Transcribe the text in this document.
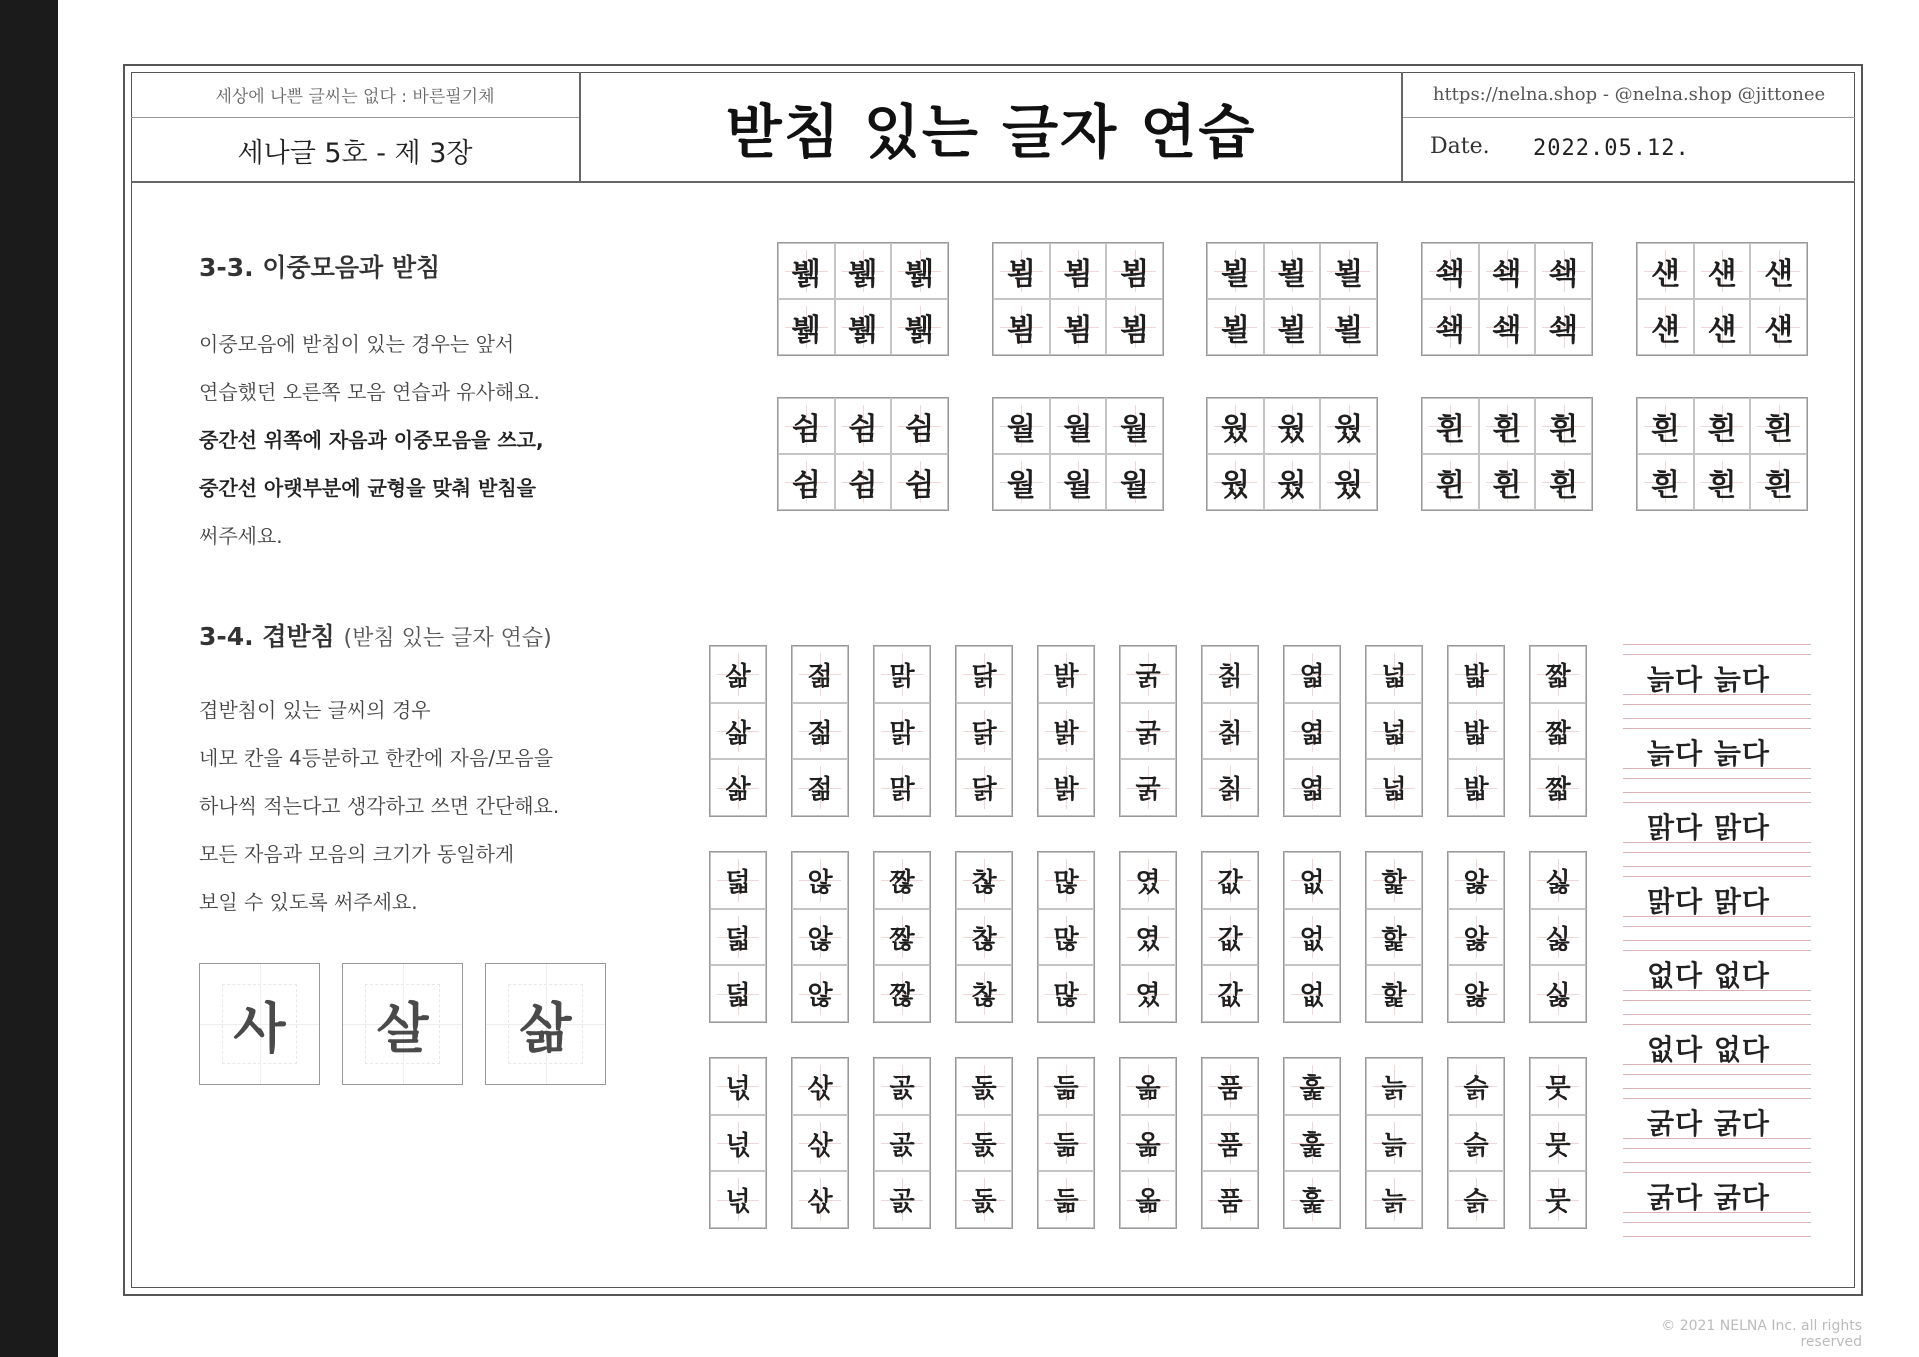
세상에 나쁜 글씨는 없다 : 바른필기체
세나글 5호 - 제 3장	받침 있는 글자 연습
https://nelna.shop - @nelna.shop @jittonee
Date. 2022.05.12.
3-3. 이중모음과 받침
이중모음에 받침이 있는 경우는 앞서
연습했던 오른쪽 모음 연습과 유사해요.
중간선 위쪽에 자음과 이중모음을 쓰고,
중간선 아랫부분에 균형을 맞춰 받침을
써주세요.
3-4. 겹받침 (받침 있는 글자 연습)
겹받침이 있는 글씨의 경우
네모 칸을 4등분하고 한칸에 자음/모음을
하나씩 적는다고 생각하고 쓰면 간단해요.
모든 자음과 모음의 크기가 동일하게
보일 수 있도록 써주세요.
사 살 삶
뷁 뷁 뷁
뷁 뷁 뷁
뵘 뵘 뵘
뵘 뵘 뵘
뵐 뵐 뵐
뵐 뵐 뵐
쇅 쇅 쇅
쇅 쇅 쇅
섄 섄 섄
섄 섄 섄
쉼 쉼 쉼
쉼 쉼 쉼
월 월 월
월 월 월
웠 웠 웠
웠 웠 웠
휜 휜 휜
휜 휜 휜
흰 흰 흰
흰 흰 흰
삶
삶
삶
젊
젊
젊
맑
맑
맑
닭
닭
닭
밝
밝
밝
굵
굵
굵
칡
칡
칡
엷
엷
엷
넓
넓
넓
밟
밟
밟
짧
짧
짧
덟
덟
덟
않
않
않
짢
짢
짢
찮
찮
찮
많
많
많
였
였
였
값
값
값
없
없
없
핥
핥
핥
앓
앓
앓
싫
싫
싫
넋
넋
넋
삯
삯
삯
곬
곬
곬
돐
돐
돐
듦
듦
듦
옮
옮
옮
품
품
품
훑
훑
훑
늙
늙
늙
슭
슭
슭
뭇
뭇
뭇
늙다 늙다
늙다 늙다
맑다 맑다
맑다 맑다
없다 없다
없다 없다
굵다 굵다
굵다 굵다
© 2021 NELNA Inc. all rights reserved
